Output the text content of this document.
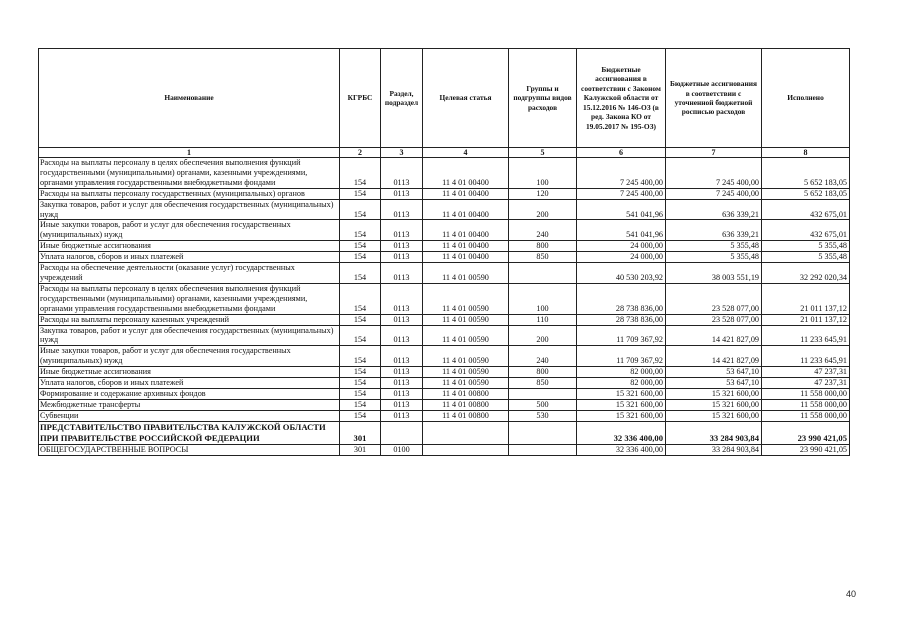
Наименование	КГРБС	Раздел, подраздел	Целевая статья	Группы и подгруппы видов расходов	Бюджетные ассигнования в соответствии с Законом Калужской области от 15.12.2016 № 146-ОЗ (в ред. Закона КО от 19.05.2017 № 195-ОЗ)	Бюджетные ассигнования в соответствии с уточненной бюджетной росписью расходов	Исполнено
1	2	3	4	5	6	7	8
Расходы на выплаты персоналу в целях обеспечения выполнения функций государственными (муниципальными) органами, казенными учреждениями, органами управления государственными внебюджетными фондами	154	0113	11 4 01 00400	100	7 245 400,00	7 245 400,00	5 652 183,05
Расходы на выплаты персоналу государственных (муниципальных) органов	154	0113	11 4 01 00400	120	7 245 400,00	7 245 400,00	5 652 183,05
Закупка товаров, работ и услуг для обеспечения государственных (муниципальных) нужд	154	0113	11 4 01 00400	200	541 041,96	636 339,21	432 675,01
Иные закупки товаров, работ и услуг для обеспечения государственных (муниципальных) нужд	154	0113	11 4 01 00400	240	541 041,96	636 339,21	432 675,01
Иные бюджетные ассигнования	154	0113	11 4 01 00400	800	24 000,00	5 355,48	5 355,48
Уплата налогов, сборов и иных платежей	154	0113	11 4 01 00400	850	24 000,00	5 355,48	5 355,48
Расходы на обеспечение деятельности (оказание услуг) государственных учреждений	154	0113	11 4 01 00590		40 530 203,92	38 003 551,19	32 292 020,34
Расходы на выплаты персоналу в целях обеспечения выполнения функций государственными (муниципальными) органами, казенными учреждениями, органами управления государственными внебюджетными фондами	154	0113	11 4 01 00590	100	28 738 836,00	23 528 077,00	21 011 137,12
Расходы на выплаты персоналу казенных учреждений	154	0113	11 4 01 00590	110	28 738 836,00	23 528 077,00	21 011 137,12
Закупка товаров, работ и услуг для обеспечения государственных (муниципальных) нужд	154	0113	11 4 01 00590	200	11 709 367,92	14 421 827,09	11 233 645,91
Иные закупки товаров, работ и услуг для обеспечения государственных (муниципальных) нужд	154	0113	11 4 01 00590	240	11 709 367,92	14 421 827,09	11 233 645,91
Иные бюджетные ассигнования	154	0113	11 4 01 00590	800	82 000,00	53 647,10	47 237,31
Уплата налогов, сборов и иных платежей	154	0113	11 4 01 00590	850	82 000,00	53 647,10	47 237,31
Формирование и содержание архивных фондов	154	0113	11 4 01 00800		15 321 600,00	15 321 600,00	11 558 000,00
Межбюджетные трансферты	154	0113	11 4 01 00800	500	15 321 600,00	15 321 600,00	11 558 000,00
Субвенции	154	0113	11 4 01 00800	530	15 321 600,00	15 321 600,00	11 558 000,00
ПРЕДСТАВИТЕЛЬСТВО ПРАВИТЕЛЬСТВА КАЛУЖСКОЙ ОБЛАСТИ ПРИ ПРАВИТЕЛЬСТВЕ РОССИЙСКОЙ ФЕДЕРАЦИИ	301				32 336 400,00	33 284 903,84	23 990 421,05
ОБЩЕГОСУДАРСТВЕННЫЕ ВОПРОСЫ	301	0100			32 336 400,00	33 284 903,84	23 990 421,05
40
